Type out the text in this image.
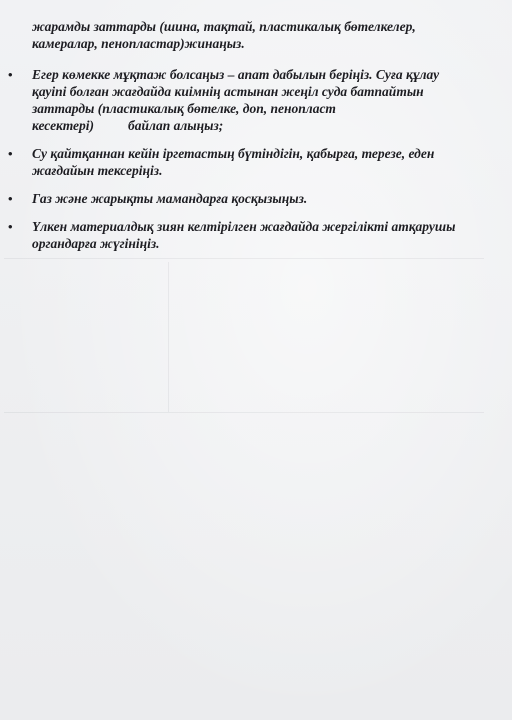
жарамды заттарды (шина, тақтай, пластикалық бөтелкелер,
камералар, пенопластар)жинаңыз.

• Егер көмекке мұқтаж болсаңыз – апат дабылын беріңіз. Суға құлау
қауіпі болған жағдайда киімнің астынан жеңіл суда батпайтын
заттарды (пластикалық бөтелке, доп, пенопласт
кесектері)	байлап алыңыз;
• Су қайтқаннан кейін іргетастың бүтіндігін, қабырға, терезе, еден
жағдайын тексеріңіз.
• Газ және жарықты мамандарға қосқызыңыз.
• Үлкен материалдық зиян келтірілген жағдайда жергілікті атқарушы
органдарға жүгініңіз.
